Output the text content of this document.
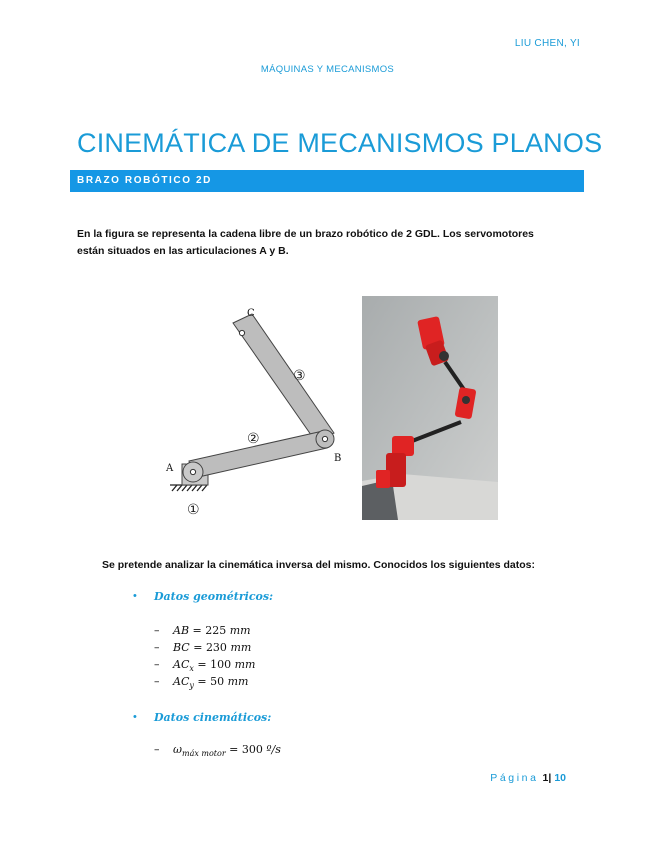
LIU CHEN, YI
MÁQUINAS Y MECANISMOS
CINEMÁTICA DE MECANISMOS PLANOS
BRAZO ROBÓTICO 2D
En la figura se representa la cadena libre de un brazo robótico de 2 GDL. Los servomotores están situados en las articulaciones A y B.
C
A
B
②
③
①
Se pretende analizar la cinemática inversa del mismo. Conocidos los siguientes datos:
• Datos geométricos:
– AB = 225 mm
– BC = 230 mm
– $AC_x = 100$ mm
– $AC_y = 50$ mm
• Datos cinemáticos:
– $\omega_{máx motor} = 300$ º/s
Página 1| 10
